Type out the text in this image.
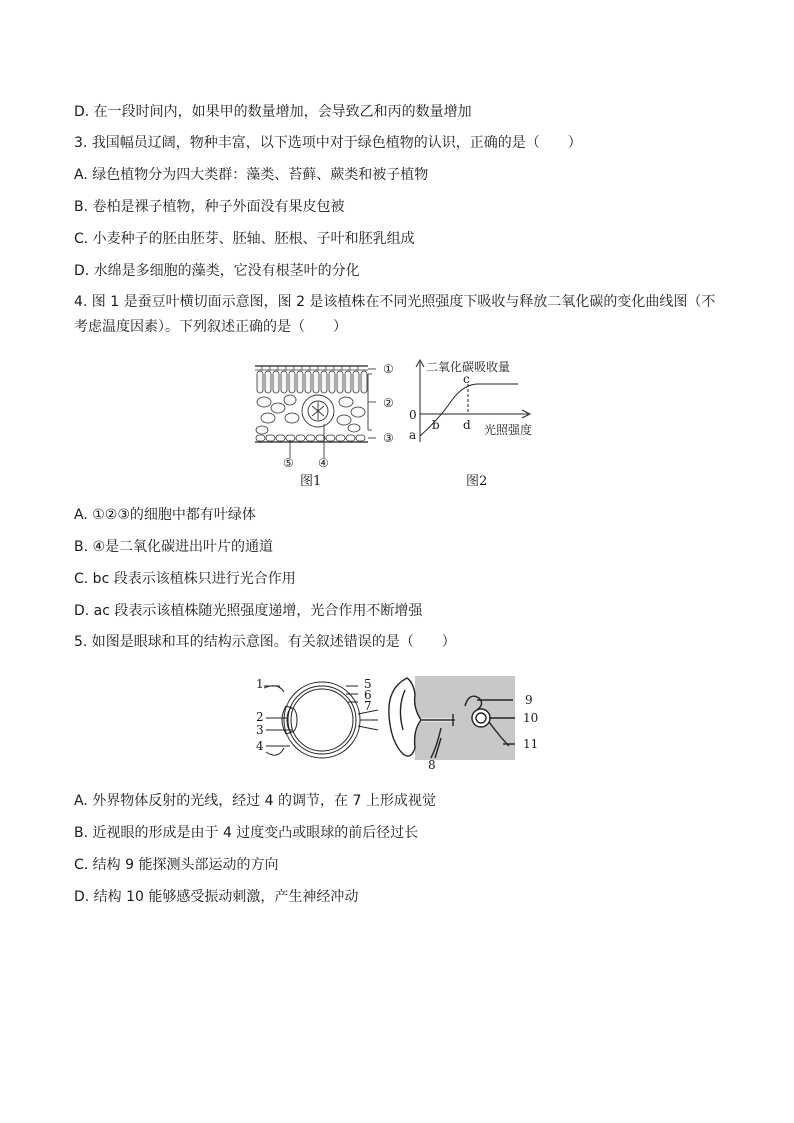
D. 在一段时间内，如果甲的数量增加，会导致乙和丙的数量增加
3. 我国幅员辽阔，物种丰富，以下选项中对于绿色植物的认识，正确的是（　　）
A. 绿色植物分为四大类群：藻类、苔藓、蕨类和被子植物
B. 卷柏是裸子植物，种子外面没有果皮包被
C. 小麦种子的胚由胚芽、胚轴、胚根、子叶和胚乳组成
D. 水绵是多细胞的藻类，它没有根茎叶的分化
4. 图 1 是蚕豆叶横切面示意图，图 2 是该植株在不同光照强度下吸收与释放二氧化碳的变化曲线图（不考虑温度因素）。下列叙述正确的是（　　）
①
②
③
④
⑤
图1
二氧化碳吸收量
0
a
b
c
d 光照强度
图2
A. ①②③的细胞中都有叶绿体
B. ④是二氧化碳进出叶片的通道
C. bc 段表示该植株只进行光合作用
D. ac 段表示该植株随光照强度递增，光合作用不断增强
5. 如图是眼球和耳的结构示意图。有关叙述错误的是（　　）
1
2
3
4
5
6
7	9
10
11
8
A. 外界物体反射的光线，经过 4 的调节，在 7 上形成视觉
B. 近视眼的形成是由于 4 过度变凸或眼球的前后径过长
C. 结构 9 能探测头部运动的方向
D. 结构 10 能够感受振动刺激，产生神经冲动
